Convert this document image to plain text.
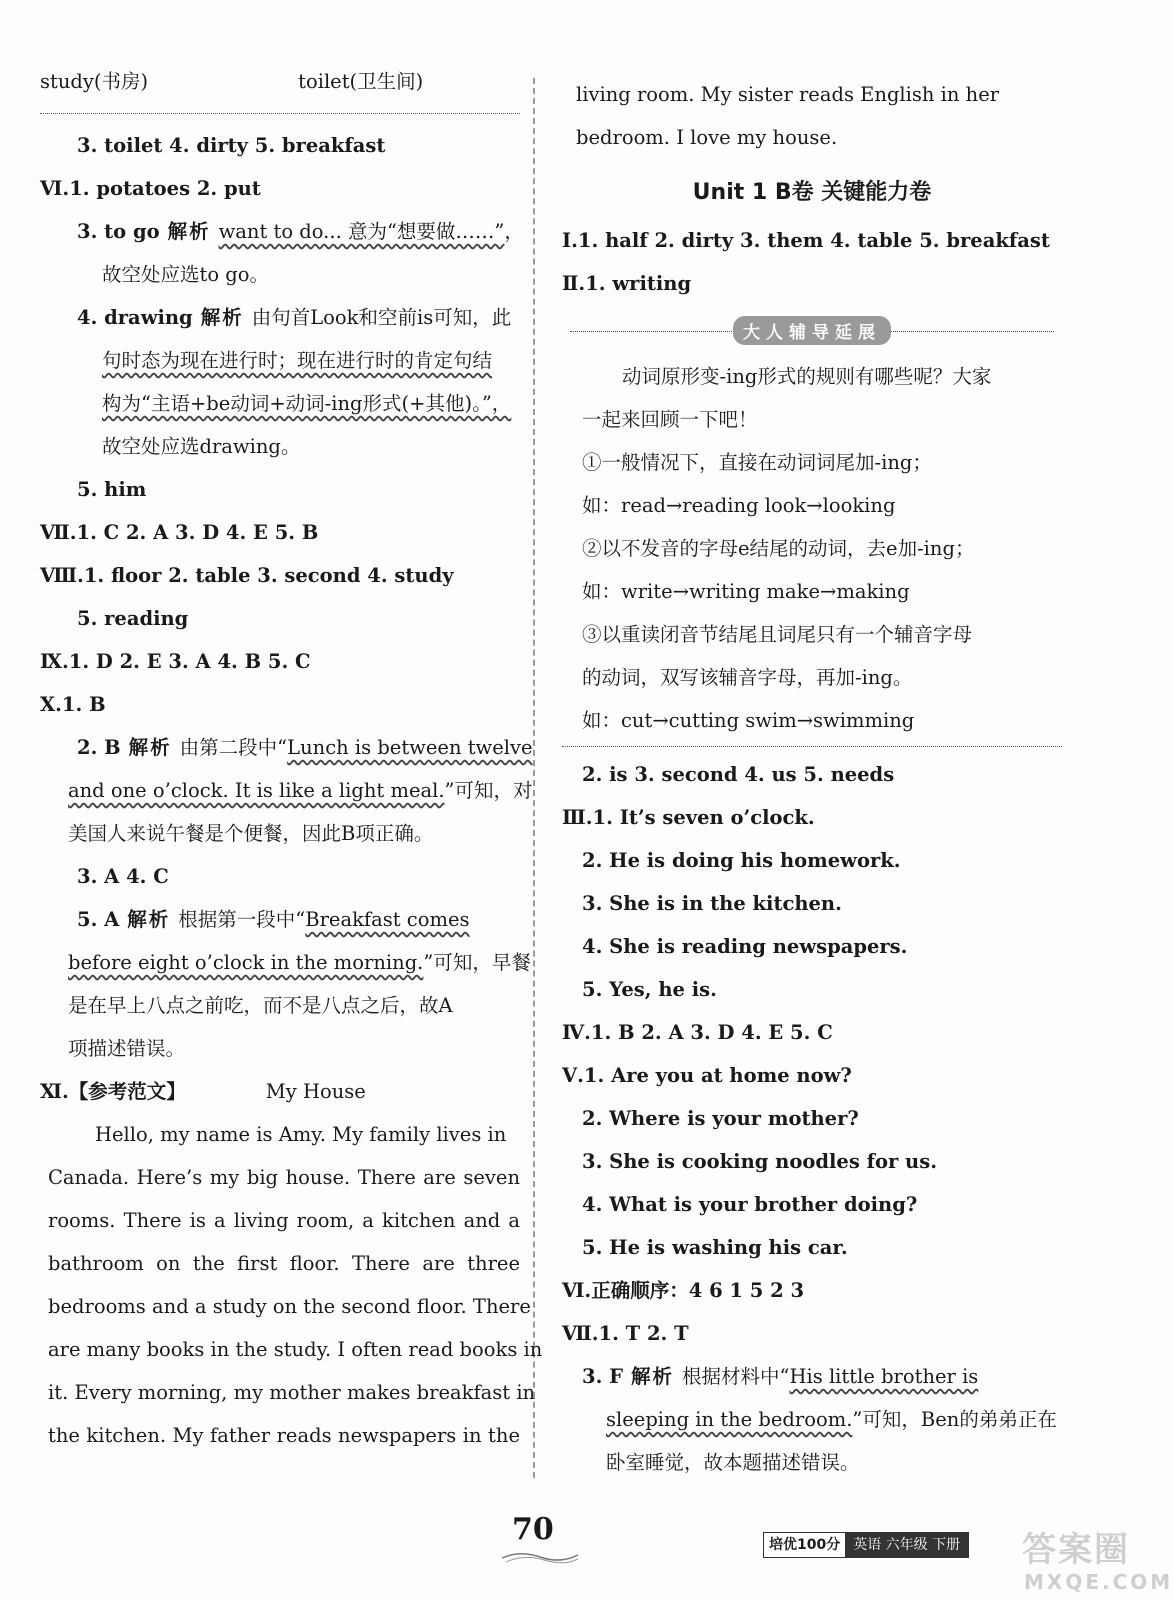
study(书房)	toilet(卫生间)
3. toilet 4. dirty 5. breakfast
Ⅵ.1. potatoes 2. put
3. to go 解析 want to do... 意为“想要做……”，
故空处应选to go。
4. drawing 解析 由句首Look和空前is可知，此
句时态为现在进行时；现在进行时的肯定句结
构为“主语+be动词+动词-ing形式(+其他)。”，
故空处应选drawing。
5. him
Ⅶ.1. C 2. A 3. D 4. E 5. B
Ⅷ.1. floor 2. table 3. second 4. study
5. reading
Ⅸ.1. D 2. E 3. A 4. B 5. C
Ⅹ.1. B
2. B 解析 由第二段中“Lunch is between twelve
and one o’clock. It is like a light meal.”可知，对
美国人来说午餐是个便餐，因此B项正确。
3. A 4. C
5. A 解析 根据第一段中“Breakfast comes
before eight o’clock in the morning.”可知，早餐
是在早上八点之前吃，而不是八点之后，故A
项描述错误。
Ⅺ.【参考范文】	My House
Hello, my name is Amy. My family lives in
Canada. Here’s my big house. There are seven
rooms. There is a living room, a kitchen and a
bathroom on the first floor. There are three
bedrooms and a study on the second floor. There
are many books in the study. I often read books in
it. Every morning, my mother makes breakfast in
the kitchen. My father reads newspapers in the
living room. My sister reads English in her
bedroom. I love my house.
Unit 1 B卷 关键能力卷
Ⅰ.1. half 2. dirty 3. them 4. table 5. breakfast
Ⅱ.1. writing
大人辅导延展
动词原形变-ing形式的规则有哪些呢？大家
一起来回顾一下吧！
①一般情况下，直接在动词词尾加-ing；
如：read→reading look→looking
②以不发音的字母e结尾的动词，去e加-ing；
如：write→writing make→making
③以重读闭音节结尾且词尾只有一个辅音字母
的动词，双写该辅音字母，再加-ing。
如：cut→cutting swim→swimming
2. is 3. second 4. us 5. needs
Ⅲ.1. It’s seven o’clock.
2. He is doing his homework.
3. She is in the kitchen.
4. She is reading newspapers.
5. Yes, he is.
Ⅳ.1. B 2. A 3. D 4. E 5. C
Ⅴ.1. Are you at home now?
2. Where is your mother?
3. She is cooking noodles for us.
4. What is your brother doing?
5. He is washing his car.
Ⅵ.正确顺序：4 6 1 5 2 3
Ⅶ.1. T 2. T
3. F 解析 根据材料中“His little brother is
sleeping in the bedroom.”可知，Ben的弟弟正在
卧室睡觉，故本题描述错误。
70	培优100分 英语 六年级 下册 答案圈
MXQE.COM
